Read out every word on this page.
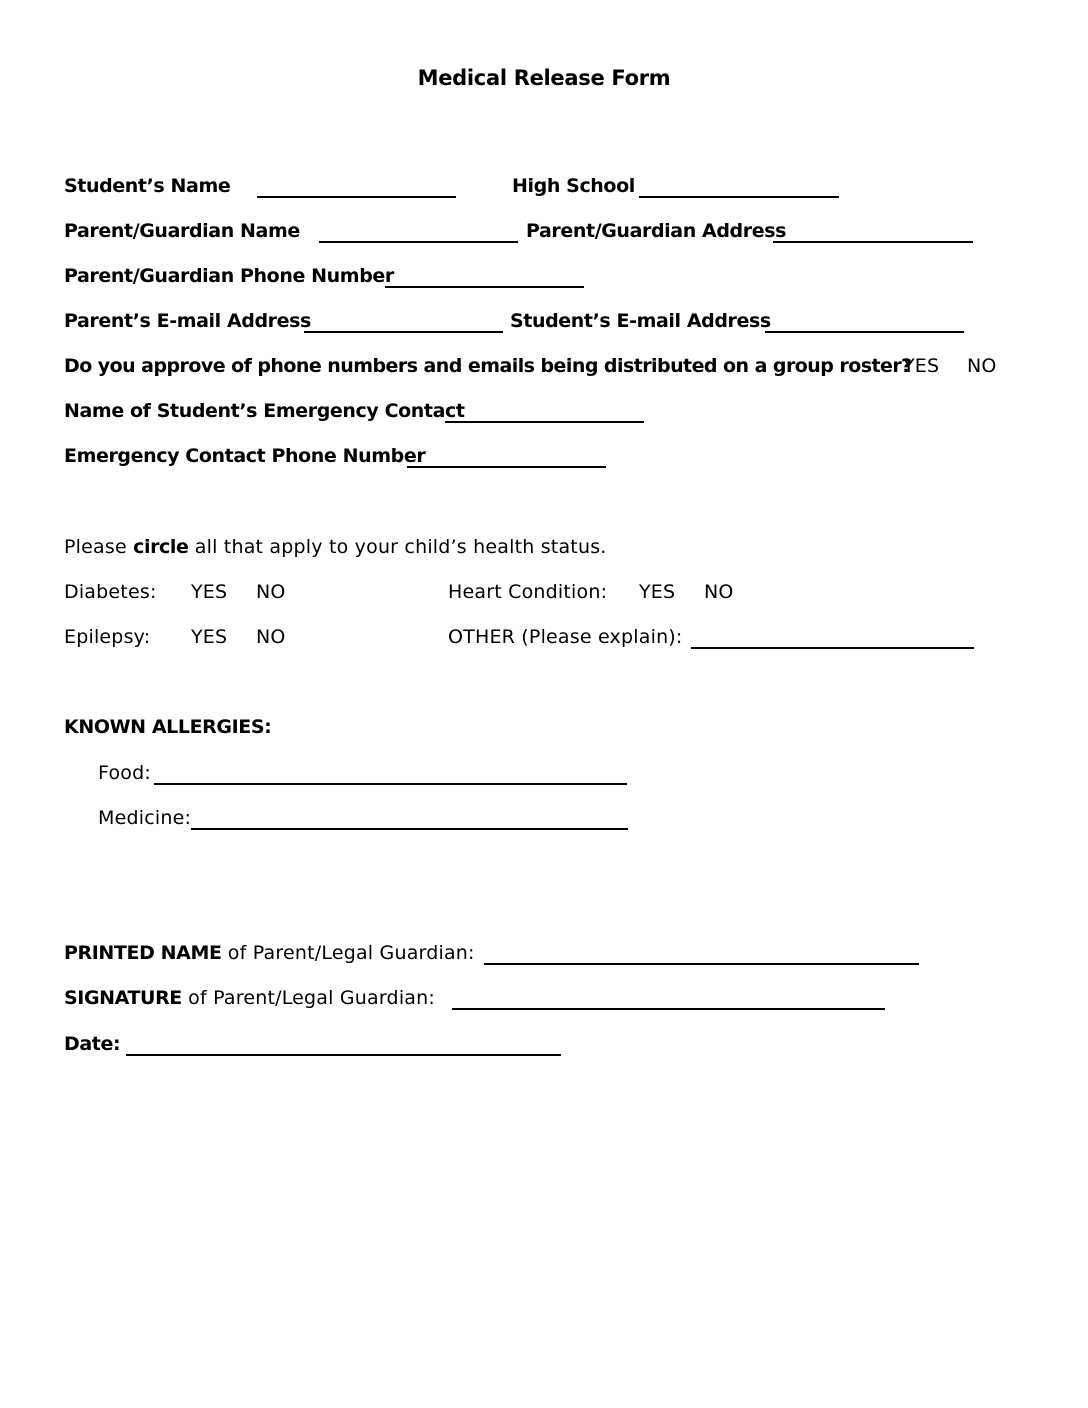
Medical Release Form
Student’s Name	High School
Parent/Guardian Name	Parent/Guardian Address
Parent/Guardian Phone Number
Parent’s E-mail Address	Student’s E-mail Address
Do you approve of phone numbers and emails being distributed on a group roster?
YES NO
Name of Student’s Emergency Contact
Emergency Contact Phone Number
Please circle all that apply to your child’s health status.
Diabetes: YES NO	Heart Condition: YES NO
Epilepsy: YES NO	OTHER (Please explain):
KNOWN ALLERGIES:
Food:
Medicine:
PRINTED NAME of Parent/Legal Guardian:
SIGNATURE of Parent/Legal Guardian:
Date:
